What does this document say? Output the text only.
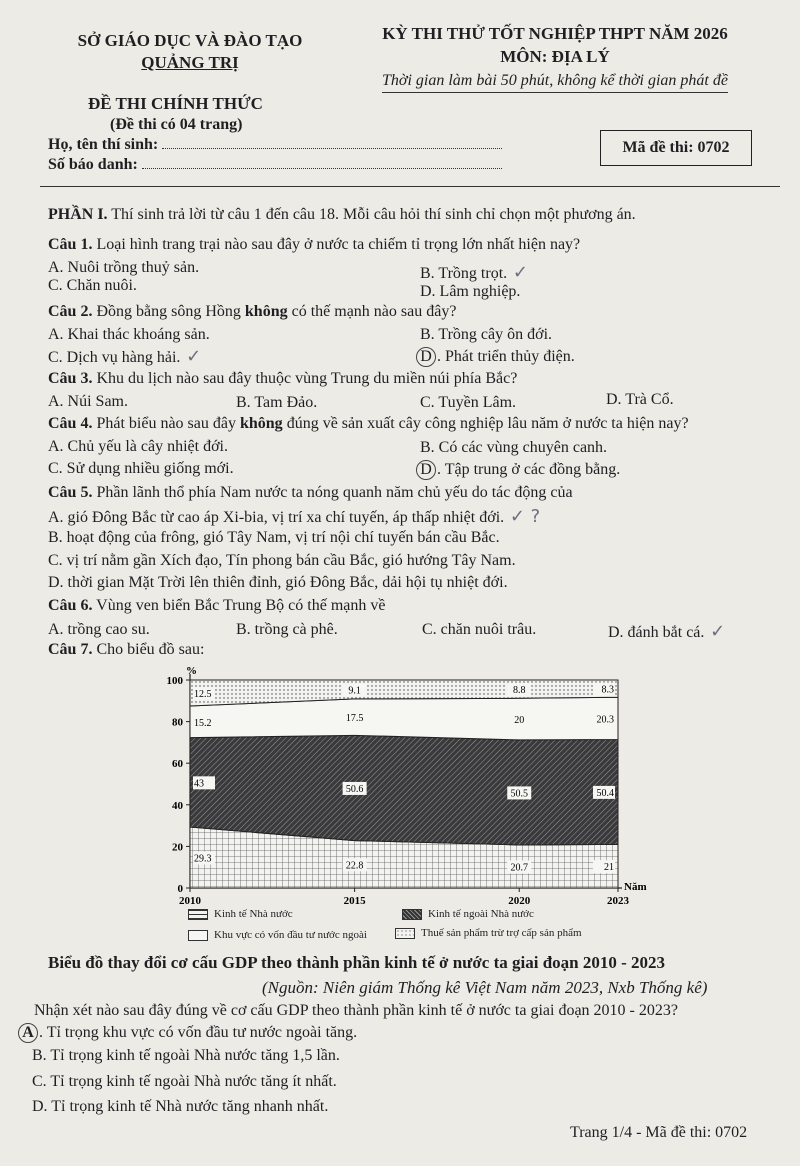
SỞ GIÁO DỤC VÀ ĐÀO TẠO
QUẢNG TRỊ
ĐỀ THI CHÍNH THỨC
(Đề thi có 04 trang)
KỲ THI THỬ TỐT NGHIỆP THPT NĂM 2026
MÔN: ĐỊA LÝ
Thời gian làm bài 50 phút, không kể thời gian phát đề
Họ, tên thí sinh:
Số báo danh:
Mã đề thi: 0702
PHẦN I. Thí sinh trả lời từ câu 1 đến câu 18. Mỗi câu hỏi thí sinh chỉ chọn một phương án.
Câu 1. Loại hình trang trại nào sau đây ở nước ta chiếm tỉ trọng lớn nhất hiện nay?
A. Nuôi trồng thuỷ sản.	B. Trồng trọt. ✓
C. Chăn nuôi.	D. Lâm nghiệp.
Câu 2. Đồng bằng sông Hồng không có thế mạnh nào sau đây?
A. Khai thác khoáng sản.	B. Trồng cây ôn đới.
C. Dịch vụ hàng hải. ✓	D . Phát triển thủy điện.
Câu 3. Khu du lịch nào sau đây thuộc vùng Trung du miền núi phía Bắc?
A. Núi Sam.	B. Tam Đảo.	C. Tuyền Lâm.	D. Trà Cổ.
Câu 4. Phát biểu nào sau đây không đúng về sản xuất cây công nghiệp lâu năm ở nước ta hiện nay?
A. Chủ yếu là cây nhiệt đới.	B. Có các vùng chuyên canh.
C. Sử dụng nhiều giống mới.	D . Tập trung ở các đồng bằng.
Câu 5. Phần lãnh thổ phía Nam nước ta nóng quanh năm chủ yếu do tác động của
A. gió Đông Bắc từ cao áp Xi-bia, vị trí xa chí tuyến, áp thấp nhiệt đới. ✓ ?
B. hoạt động của frông, gió Tây Nam, vị trí nội chí tuyến bán cầu Bắc.
C. vị trí nằm gần Xích đạo, Tín phong bán cầu Bắc, gió hướng Tây Nam.
D. thời gian Mặt Trời lên thiên đỉnh, gió Đông Bắc, dải hội tụ nhiệt đới.
Câu 6. Vùng ven biển Bắc Trung Bộ có thế mạnh về
A. trồng cao su.	B. trồng cà phê.	C. chăn nuôi trâu.	D. đánh bắt cá. ✓
Câu 7. Cho biểu đồ sau:
0
20
40
60
80
100
%
2010	2015	2020	2023
Năm
29.3
22.8	20.7	21
43
50.6	50.5	50.4
15.2	17.5	20	20.3
12.5	9.1	8.8	8.3
Kinh tế Nhà nước	Kinh tế ngoài Nhà nước
Khu vực có vốn đầu tư nước ngoài	Thuế sản phẩm trừ trợ cấp sản phẩm
Biểu đồ thay đổi cơ cấu GDP theo thành phần kinh tế ở nước ta giai đoạn 2010 - 2023
(Nguồn: Niên giám Thống kê Việt Nam năm 2023, Nxb Thống kê)
Nhận xét nào sau đây đúng về cơ cấu GDP theo thành phần kinh tế ở nước ta giai đoạn 2010 - 2023?
A . Tỉ trọng khu vực có vốn đầu tư nước ngoài tăng.
B. Tỉ trọng kinh tế ngoài Nhà nước tăng 1,5 lần.
C. Tỉ trọng kinh tế ngoài Nhà nước tăng ít nhất.
D. Tỉ trọng kinh tế Nhà nước tăng nhanh nhất.
Trang 1/4 - Mã đề thi: 0702
